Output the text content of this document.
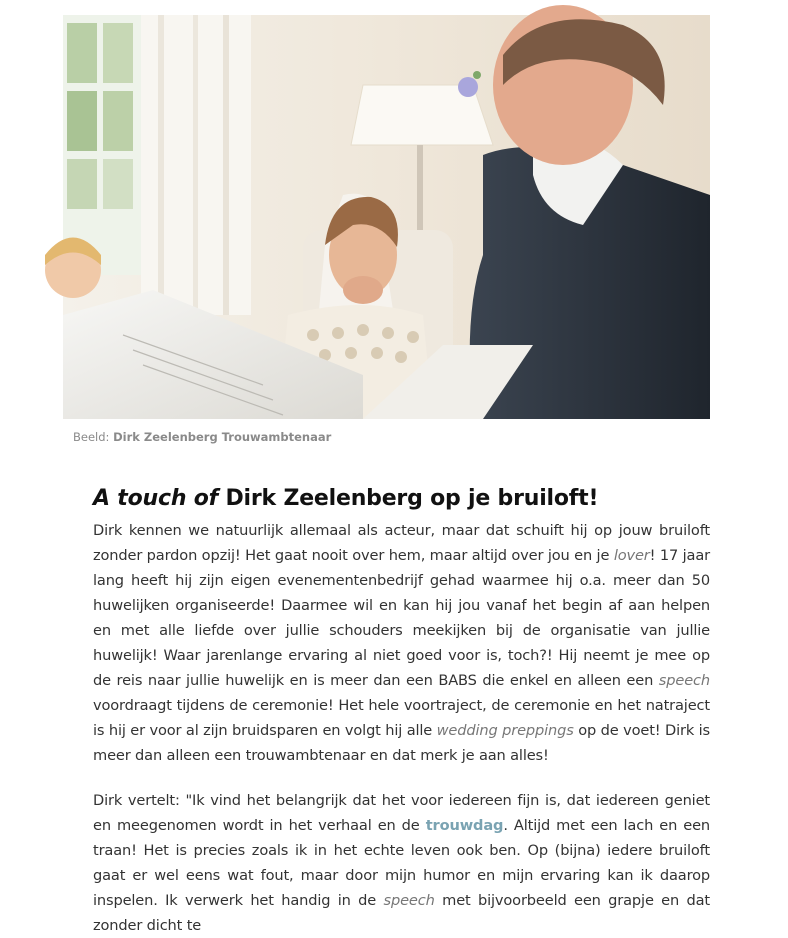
Beeld: Dirk Zeelenberg Trouwambtenaar
A touch of Dirk Zeelenberg op je bruiloft!

Dirk kennen we natuurlijk allemaal als acteur, maar dat schuift hij op jouw bruiloft zonder pardon opzij! Het gaat nooit over hem, maar altijd over jou en je lover! 17 jaar lang heeft hij zijn eigen evenementenbedrijf gehad waarmee hij o.a. meer dan 50 huwelijken organiseerde! Daarmee wil en kan hij jou vanaf het begin af aan helpen en met alle liefde over jullie schouders meekijken bij de organisatie van jullie huwelijk! Waar jarenlange ervaring al niet goed voor is, toch?! Hij neemt je mee op de reis naar jullie huwelijk en is meer dan een BABS die enkel en alleen een speech voordraagt tijdens de ceremonie! Het hele voortraject, de ceremonie en het natraject is hij er voor al zijn bruidsparen en volgt hij alle wedding preppings op de voet! Dirk is meer dan alleen een trouwambtenaar en dat merk je aan alles!

Dirk vertelt: "Ik vind het belangrijk dat het voor iedereen fijn is, dat iedereen geniet en meegenomen wordt in het verhaal en de trouwdag. Altijd met een lach en een traan! Het is precies zoals ik in het echte leven ook ben. Op (bijna) iedere bruiloft gaat er wel eens wat fout, maar door mijn humor en mijn ervaring kan ik daarop inspelen. Ik verwerk het handig in de speech met bijvoorbeeld een grapje en dat zonder dicht te
